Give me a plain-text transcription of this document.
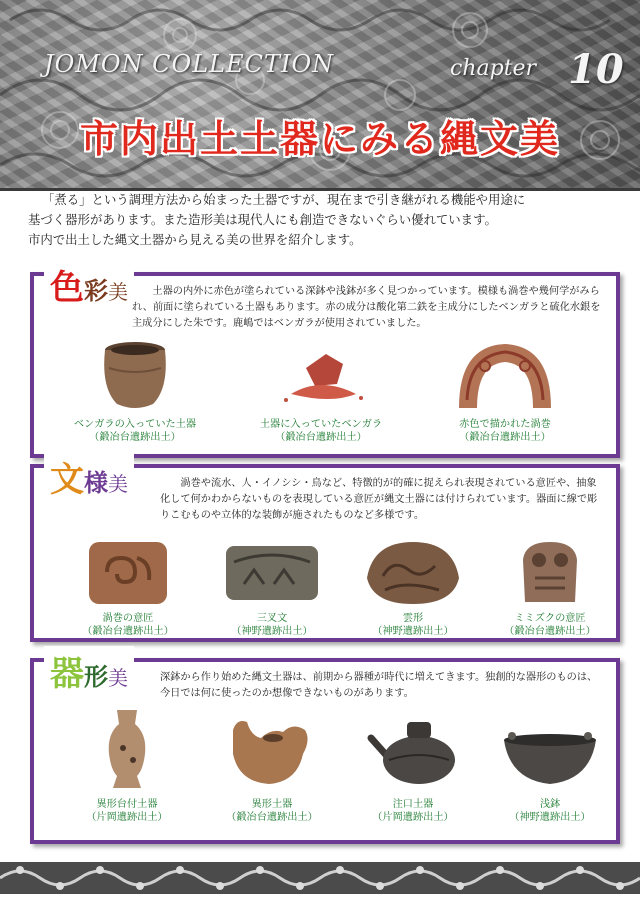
JOMON COLLECTION	chapter 10
市内出土土器にみる縄文美
「煮る」という調理方法から始まった土器ですが、現在まで引き継がれる機能や用途に
基づく器形があります。また造形美は現代人にも創造できないぐらい優れています。
市内で出土した縄文土器から見える美の世界を紹介します。
色彩美	土器の内外に赤色が塗られている深鉢や浅鉢が多く見つかっています。模様も渦巻や幾何学がみられ、前面に塗られている土器もあります。赤の成分は酸化第二鉄を主成分にしたベンガラと硫化水銀を主成分にした朱です。鹿嶋ではベンガラが使用されていました。
ベンガラの入っていた土器
（鍛冶台遺跡出土）
土器に入っていたベンガラ
（鍛冶台遺跡出土）
赤色で描かれた渦巻
（鍛冶台遺跡出土）
文様美	渦巻や流水、人・イノシシ・鳥など、特徴的が的確に捉えられ表現されている意匠や、抽象化して何かわからないものを表現している意匠が縄文土器には付けられています。器面に線で彫りこむものや立体的な装飾が施されたものなど多様です。
渦巻の意匠
（鍛冶台遺跡出土）
三叉文
（神野遺跡出土）
雲形
（神野遺跡出土）
ミミズクの意匠
（鍛冶台遺跡出土）
器形美	深鉢から作り始めた縄文土器は、前期から器種が時代に増えてきます。独創的な器形のものは、今日では何に使ったのか想像できないものがあります。
異形台付土器
（片岡遺跡出土）
異形土器
（鍛冶台遺跡出土）
注口土器
（片岡遺跡出土）
浅鉢
（神野遺跡出土）
